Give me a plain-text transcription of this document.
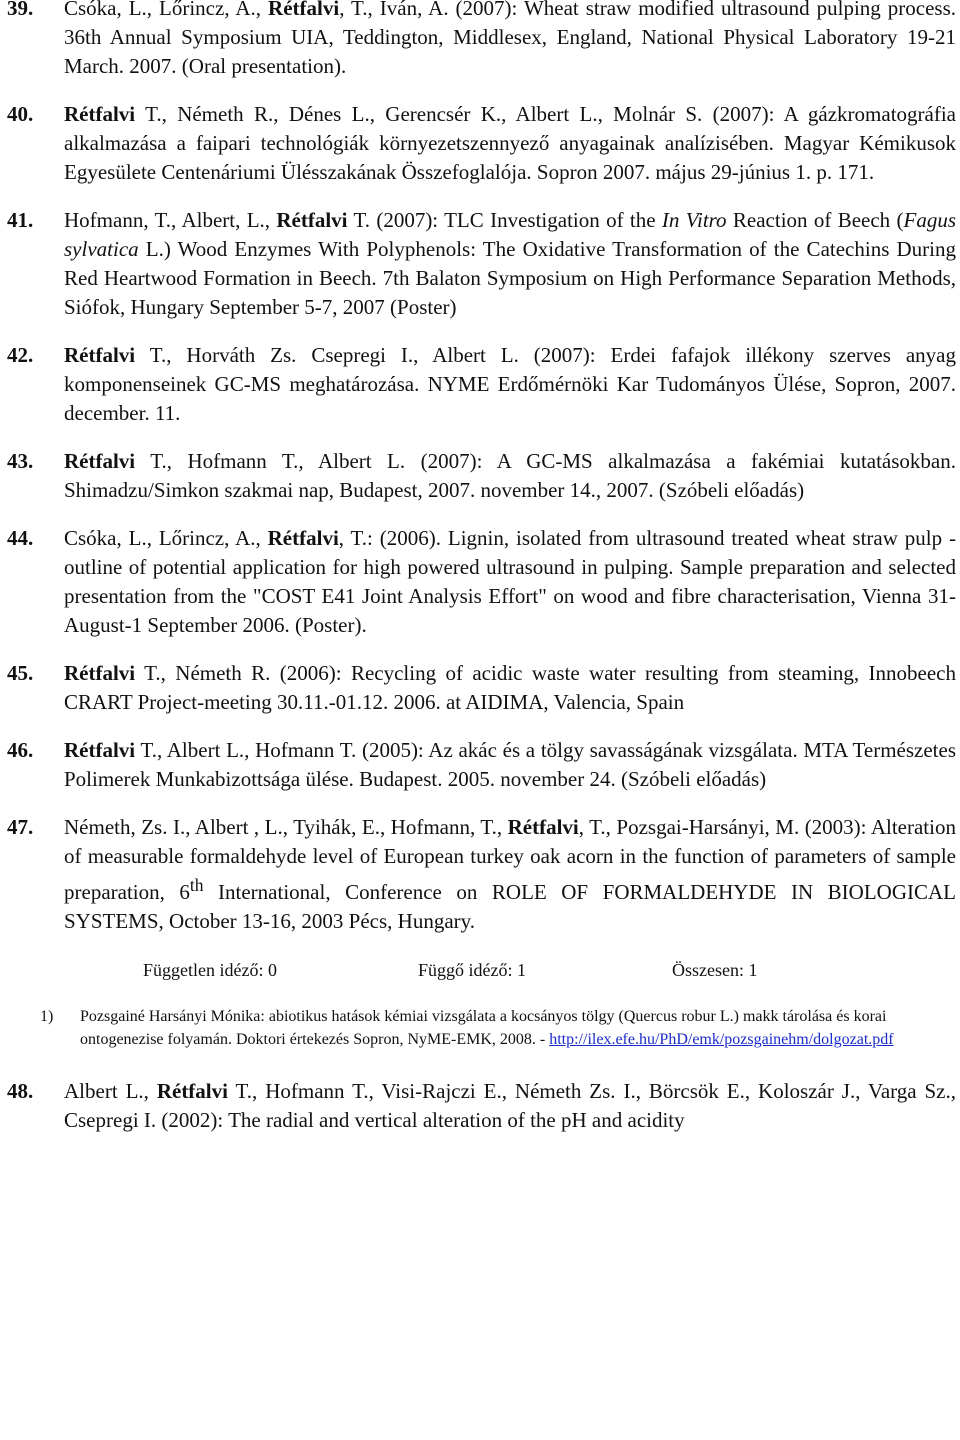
39. Csóka, L., Lőrincz, A., Rétfalvi, T., Iván, A. (2007): Wheat straw modified ultrasound pulping process. 36th Annual Symposium UIA, Teddington, Middlesex, England, National Physical Laboratory 19-21 March. 2007. (Oral presentation).
40. Rétfalvi T., Németh R., Dénes L., Gerencsér K., Albert L., Molnár S. (2007): A gázkromatográfia alkalmazása a faipari technológiák környezetszennyező anyagainak analízisében. Magyar Kémikusok Egyesülete Centenáriumi Ülésszakának Összefoglalója. Sopron 2007. május 29-június 1. p. 171.
41. Hofmann, T., Albert, L., Rétfalvi T. (2007): TLC Investigation of the In Vitro Reaction of Beech (Fagus sylvatica L.) Wood Enzymes With Polyphenols: The Oxidative Transformation of the Catechins During Red Heartwood Formation in Beech. 7th Balaton Symposium on High Performance Separation Methods, Siófok, Hungary September 5-7, 2007 (Poster)
42. Rétfalvi T., Horváth Zs. Csepregi I., Albert L. (2007): Erdei fafajok illékony szerves anyag komponenseinek GC-MS meghatározása. NYME Erdőmérnöki Kar Tudományos Ülése, Sopron, 2007. december. 11.
43. Rétfalvi T., Hofmann T., Albert L. (2007): A GC-MS alkalmazása a fakémiai kutatásokban. Shimadzu/Simkon szakmai nap, Budapest, 2007. november 14., 2007. (Szóbeli előadás)
44. Csóka, L., Lőrincz, A., Rétfalvi, T.: (2006). Lignin, isolated from ultrasound treated wheat straw pulp - outline of potential application for high powered ultrasound in pulping. Sample preparation and selected presentation from the "COST E41 Joint Analysis Effort" on wood and fibre characterisation, Vienna 31-August-1 September 2006. (Poster).
45. Rétfalvi T., Németh R. (2006): Recycling of acidic waste water resulting from steaming, Innobeech CRART Project-meeting 30.11.-01.12. 2006. at AIDIMA, Valencia, Spain
46. Rétfalvi T., Albert L., Hofmann T. (2005): Az akác és a tölgy savasságának vizsgálata. MTA Természetes Polimerek Munkabizottsága ülése. Budapest. 2005. november 24. (Szóbeli előadás)
47. Németh, Zs. I., Albert , L., Tyihák, E., Hofmann, T., Rétfalvi, T., Pozsgai-Harsányi, M. (2003): Alteration of measurable formaldehyde level of European turkey oak acorn in the function of parameters of sample preparation, 6th International, Conference on ROLE OF FORMALDEHYDE IN BIOLOGICAL SYSTEMS, October 13-16, 2003 Pécs, Hungary.
Független idéző: 0	Függő idéző: 1	Összesen: 1
1) Pozsgainé Harsányi Mónika: abiotikus hatások kémiai vizsgálata a kocsányos tölgy (Quercus robur L.) makk tárolása és korai ontogenezise folyamán. Doktori értekezés Sopron, NyME-EMK, 2008. - http://ilex.efe.hu/PhD/emk/pozsgainehm/dolgozat.pdf
48. Albert L., Rétfalvi T., Hofmann T., Visi-Rajczi E., Németh Zs. I., Börcsök E., Koloszár J., Varga Sz., Csepregi I. (2002): The radial and vertical alteration of the pH and acidity
